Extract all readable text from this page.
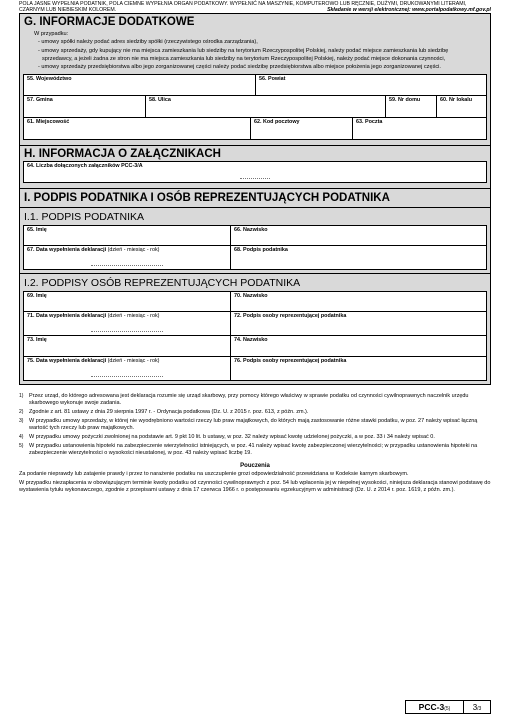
POLA JASNE WYPEŁNIA PODATNIK, POLA CIEMNE WYPEŁNIA ORGAN PODATKOWY. WYPEŁNIĆ NA MASZYNIE, KOMPUTEROWO LUB RĘCZNIE, DUŻYMI, DRUKOWANYMI LITERAMI, CZARNYM LUB NIEBIESKIM KOLOREM.	Składanie w wersji elektronicznej: www.portalpodatkowy.mf.gov.pl
G. INFORMACJE DODATKOWE
W przypadku:
- umowy spółki należy podać adres siedziby spółki (rzeczywistego ośrodka zarządzania),
- umowy sprzedaży, gdy kupujący nie ma miejsca zamieszkania lub siedziby na terytorium Rzeczypospolitej Polskiej, należy podać miejsce zamieszkania lub siedzibę
sprzedawcy, a jeżeli żadna ze stron nie ma miejsca zamieszkania lub siedziby na terytorium Rzeczypospolitej Polskiej, należy podać miejsce dokonania czynności,
- umowy sprzedaży przedsiębiorstwa albo jego zorganizowanej części należy podać siedzibę przedsiębiorstwa albo miejsce położenia jego zorganizowanej części.
55. Województwo	56. Powiat
57. Gmina	58. Ulica	59. Nr domu	60. Nr lokalu
61. Miejscowość	62. Kod pocztowy	63. Poczta
H. INFORMACJA O ZAŁĄCZNIKACH
64. Liczba dołączonych załączników PCC-3/A
I. PODPIS PODATNIKA I OSÓB REPREZENTUJĄCYCH PODATNIKA
I.1. PODPIS PODATNIKA
65. Imię	66. Nazwisko
67. Data wypełnienia deklaracji (dzień - miesiąc - rok)	68. Podpis podatnika
I.2. PODPISY OSÓB REPREZENTUJĄCYCH PODATNIKA
69. Imię	70. Nazwisko
71. Data wypełnienia deklaracji (dzień - miesiąc - rok)	72. Podpis osoby reprezentującej podatnika
73. Imię	74. Nazwisko
75. Data wypełnienia deklaracji (dzień - miesiąc - rok)	76. Podpis osoby reprezentującej podatnika
1)	Przez urząd, do którego adresowana jest deklaracja rozumie się urząd skarbowy, przy pomocy którego właściwy w sprawie podatku od czynności cywilnoprawnych naczelnik urzędu skarbowego wykonuje swoje zadania.
2)	Zgodnie z art. 81 ustawy z dnia 29 sierpnia 1997 r. - Ordynacja podatkowa (Dz. U. z 2015 r. poz. 613, z późn. zm.).
3)	W przypadku umowy sprzedaży, w której nie wyodrębniono wartości rzeczy lub praw majątkowych, do których mają zastosowanie różne stawki podatku, w poz. 27 należy wpisać łączną wartość tych rzeczy lub praw majątkowych.
4)	W przypadku umowy pożyczki zwolnionej na podstawie art. 9 pkt 10 lit. b ustawy, w poz. 32 należy wpisać kwotę udzielonej pożyczki, a w poz. 33 i 34 należy wpisać 0.
5)	W przypadku ustanowienia hipoteki na zabezpieczenie wierzytelności istniejących, w poz. 41 należy wpisać kwotę zabezpieczonej wierzytelności; w przypadku ustanowienia hipoteki na zabezpieczenie wierzytelności o wysokości nieustalonej, w poz. 43 należy wpisać liczbę 19.
Pouczenia

Za podanie nieprawdy lub zatajenie prawdy i przez to narażenie podatku na uszczuplenie grozi odpowiedzialność przewidziana w Kodeksie karnym skarbowym.

W przypadku niezapłacenia w obowiązującym terminie kwoty podatku od czynności cywilnoprawnych z poz. 54 lub wpłacenia jej w niepełnej wysokości, niniejsza deklaracja stanowi podstawę do wystawienia tytułu wykonawczego, zgodnie z przepisami ustawy z dnia 17 czerwca 1966 r. o postępowaniu egzekucyjnym w administracji (Dz. U. z 2014 r. poz. 1619, z późn. zm.).

PCC-3(5)	3/3
